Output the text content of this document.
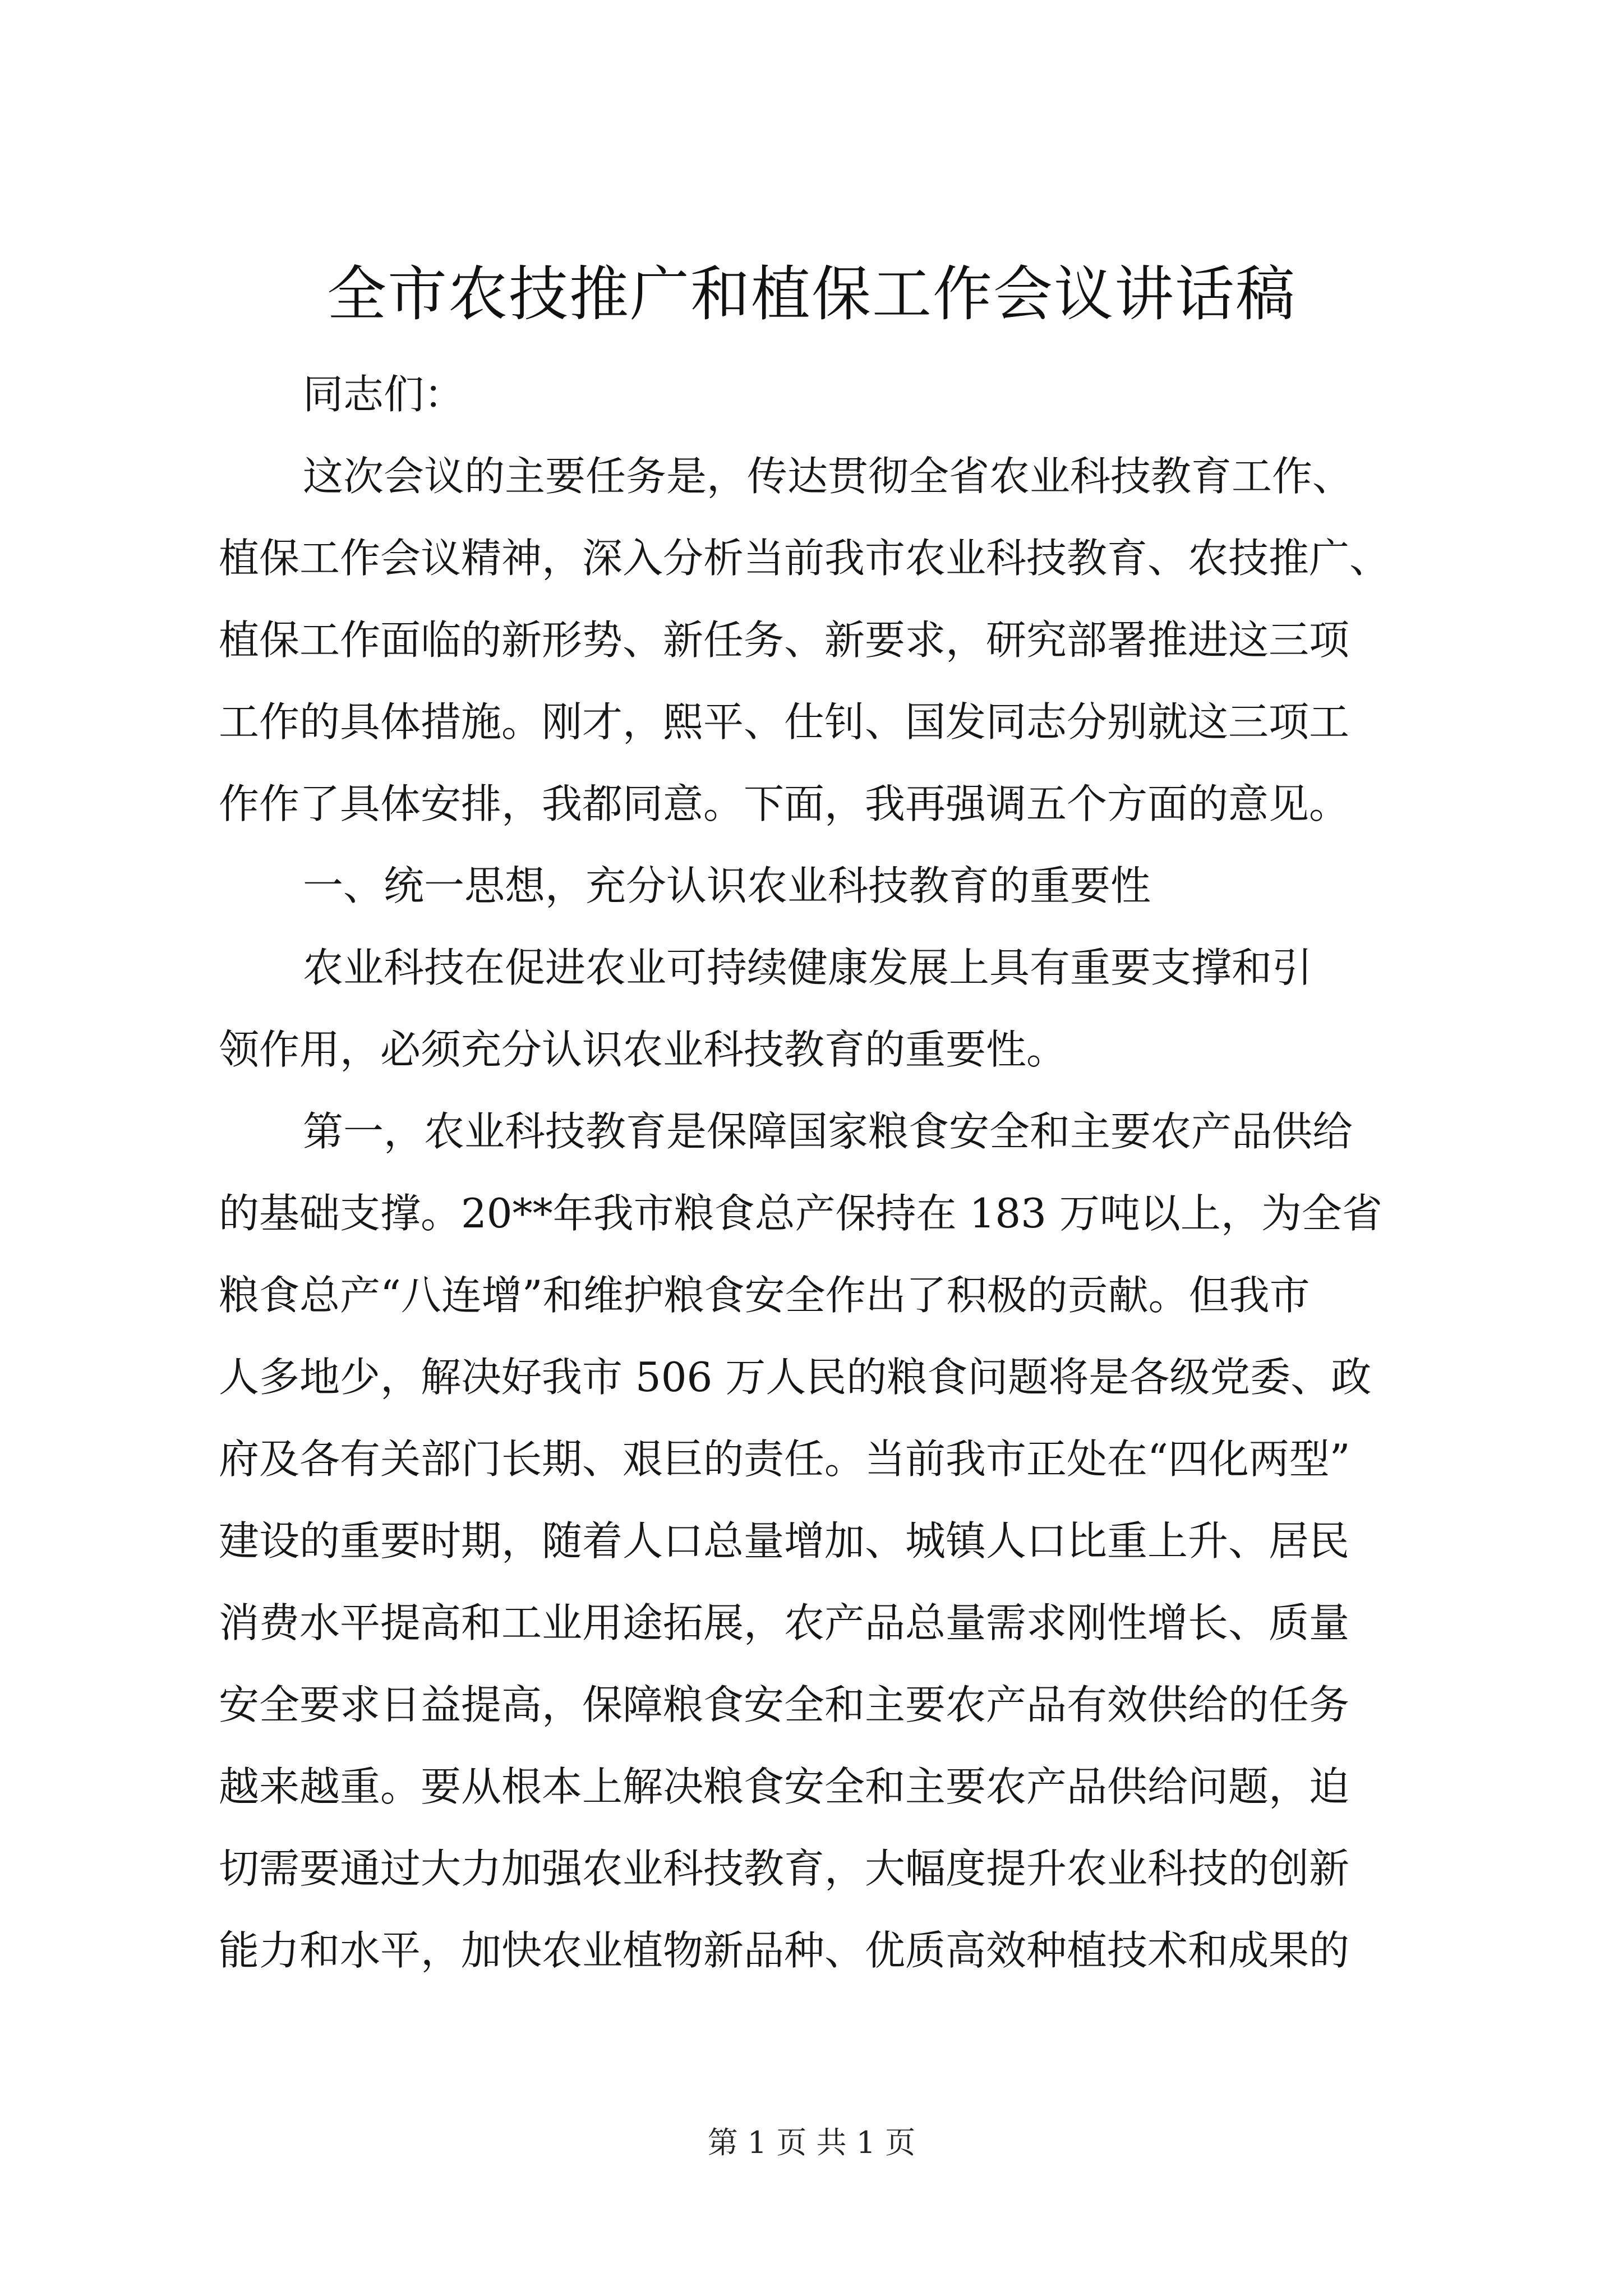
全市农技推广和植保工作会议讲话稿
同志们：
这次会议的主要任务是，传达贯彻全省农业科技教育工作、
植保工作会议精神，深入分析当前我市农业科技教育、农技推广、
植保工作面临的新形势、新任务、新要求，研究部署推进这三项
工作的具体措施。刚才，熙平、仕钊、国发同志分别就这三项工
作作了具体安排，我都同意。下面，我再强调五个方面的意见。
一、统一思想，充分认识农业科技教育的重要性
农业科技在促进农业可持续健康发展上具有重要支撑和引
领作用，必须充分认识农业科技教育的重要性。
第一，农业科技教育是保障国家粮食安全和主要农产品供给
的基础支撑。20**年我市粮食总产保持在 183 万吨以上，为全省
粮食总产“八连增”和维护粮食安全作出了积极的贡献。但我市
人多地少，解决好我市 506 万人民的粮食问题将是各级党委、政
府及各有关部门长期、艰巨的责任。当前我市正处在“四化两型”
建设的重要时期，随着人口总量增加、城镇人口比重上升、居民
消费水平提高和工业用途拓展，农产品总量需求刚性增长、质量
安全要求日益提高，保障粮食安全和主要农产品有效供给的任务
越来越重。要从根本上解决粮食安全和主要农产品供给问题，迫
切需要通过大力加强农业科技教育，大幅度提升农业科技的创新
能力和水平，加快农业植物新品种、优质高效种植技术和成果的
第 1 页 共 1 页
